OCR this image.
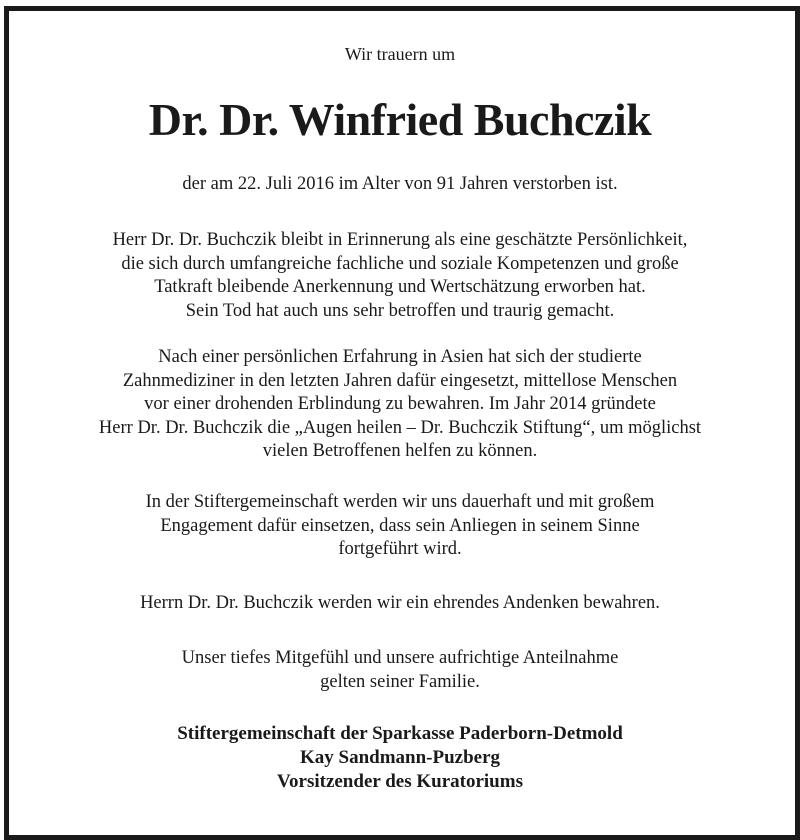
Wir trauern um
Dr. Dr. Winfried Buchczik
der am 22. Juli 2016 im Alter von 91 Jahren verstorben ist.
Herr Dr. Dr. Buchczik bleibt in Erinnerung als eine geschätzte Persönlichkeit,
die sich durch umfangreiche fachliche und soziale Kompetenzen und große
Tatkraft bleibende Anerkennung und Wertschätzung erworben hat.
Sein Tod hat auch uns sehr betroffen und traurig gemacht.
Nach einer persönlichen Erfahrung in Asien hat sich der studierte
Zahnmediziner in den letzten Jahren dafür eingesetzt, mittellose Menschen
vor einer drohenden Erblindung zu bewahren. Im Jahr 2014 gründete
Herr Dr. Dr. Buchczik die „Augen heilen – Dr. Buchczik Stiftung“, um möglichst
vielen Betroffenen helfen zu können.
In der Stiftergemeinschaft werden wir uns dauerhaft und mit großem
Engagement dafür einsetzen, dass sein Anliegen in seinem Sinne
fortgeführt wird.
Herrn Dr. Dr. Buchczik werden wir ein ehrendes Andenken bewahren.
Unser tiefes Mitgefühl und unsere aufrichtige Anteilnahme
gelten seiner Familie.
Stiftergemeinschaft der Sparkasse Paderborn-Detmold
Kay Sandmann-Puzberg
Vorsitzender des Kuratoriums
